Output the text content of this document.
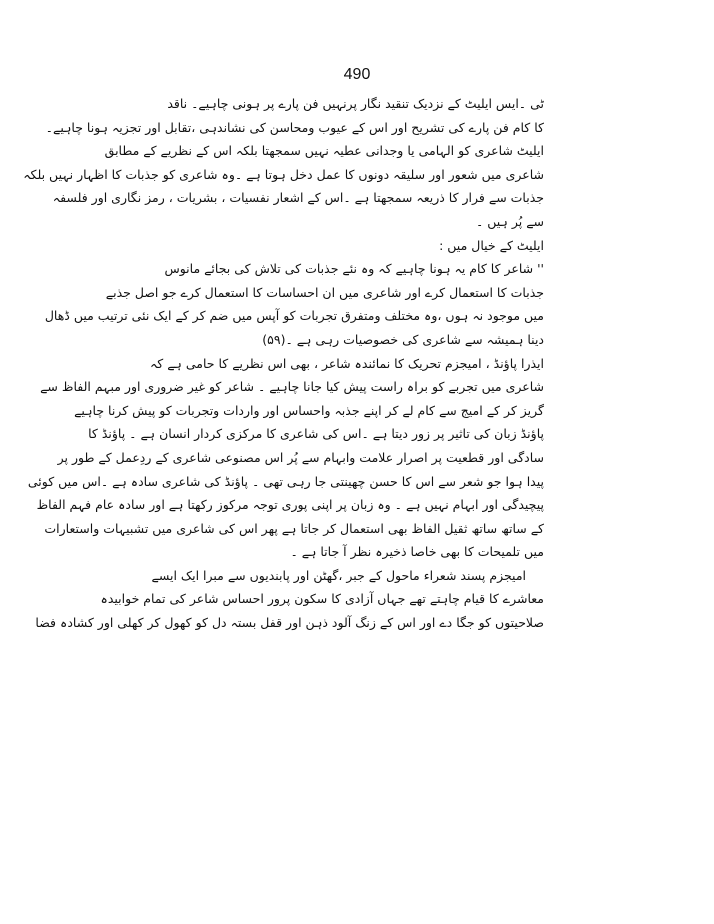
490
ٹی ۔ایس ایلیٹ کے نزدیک تنقید نگار پرنہیں فن پارے پر ہونی چاہیے۔ ناقد
کا کام فن پارے کی تشریح اور اس کے عیوب ومحاسن کی نشاندہی ،تقابل اور تجزیہ ہونا چاہیے۔
ایلیٹ شاعری کو الہامی یا وجدانی عطیہ نہیں سمجھتا بلکہ اس کے نظریے کے مطابق
شاعری میں شعور اور سلیقہ دونوں کا عمل دخل ہوتا ہے ۔وہ شاعری کو جذبات کا اظہار نہیں بلکہ
جذبات سے فرار کا ذریعہ سمجھتا ہے ۔اس کے اشعار نفسیات ، بشریات ، رمز نگاری اور فلسفہ
سے پُر ہیں ۔
ایلیٹ کے خیال میں :
'' شاعر کا کام یہ ہونا چاہیے کہ وہ نئے جذبات کی تلاش کی بجائے مانوس
جذبات کا استعمال کرے اور شاعری میں ان احساسات کا استعمال کرے جو اصل جذبے
میں موجود نہ ہوں ،وہ مختلف ومتفرق تجربات کو آپس میں ضم کر کے ایک نئی ترتیب میں ڈھال
دینا ہمیشہ سے شاعری کی خصوصیات رہی ہے ۔(۵۹)
ایذرا پاؤنڈ ، امیجزم تحریک کا نمائندہ شاعر ، بھی اس نظریے کا حامی ہے کہ
شاعری میں تجربے کو براہ راست پیش کیا جانا چاہیے ۔ شاعر کو غیر ضروری اور مبہم الفاظ سے
گریز کر کے امیج سے کام لے کر اپنے جذبہ واحساس اور واردات وتجربات کو پیش کرنا چاہیے
پاؤنڈ زبان کی تاثیر پر زور دیتا ہے ۔اس کی شاعری کا مرکزی کردار انسان ہے ۔ پاؤنڈ کا
سادگی اور قطعیت پر اصرار علامت وابہام سے پُر اس مصنوعی شاعری کے ردِعمل کے طور پر
پیدا ہوا جو شعر سے اس کا حسن چھینتی جا رہی تھی ۔ پاؤنڈ کی شاعری سادہ ہے ۔اس میں کوئی
پیچیدگی اور ابہام نہیں ہے ۔ وہ زبان پر اپنی پوری توجہ مرکوز رکھتا ہے اور سادہ عام فہم الفاظ
کے ساتھ ساتھ ثقیل الفاظ بھی استعمال کر جاتا ہے پھر اس کی شاعری میں تشبیہات واستعارات
میں تلمیحات کا بھی خاصا ذخیرہ نظر آ جاتا ہے ۔
امیجزم پسند شعراء ماحول کے جبر ،گھٹن اور پابندیوں سے مبرا ایک ایسے
معاشرے کا قیام چاہتے تھے جہاں آزادی کا سکون پرور احساس شاعر کی تمام خوابیدہ
صلاحیتوں کو جگا دے اور اس کے زنگ آلود ذہن اور قفل بستہ دل کو کھول کر کھلی اور کشادہ فضا
